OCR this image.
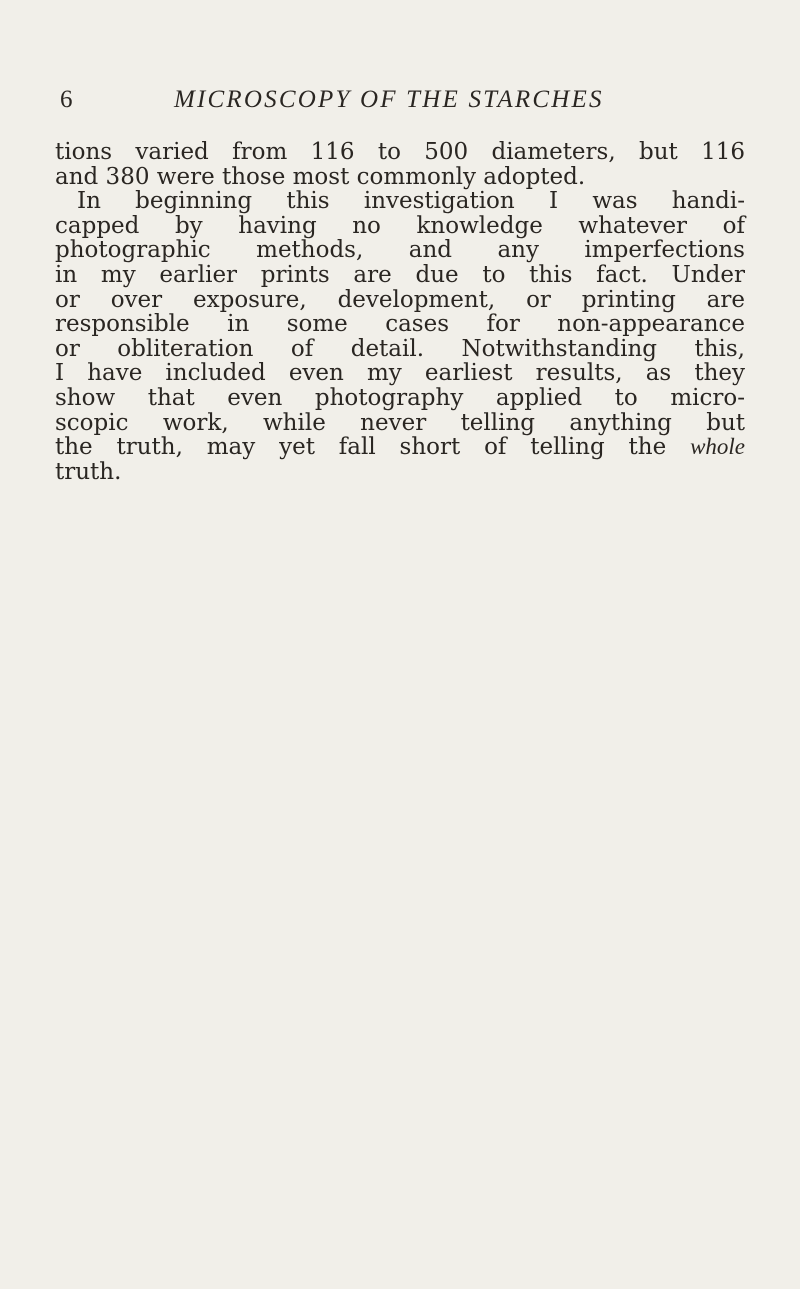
6	MICROSCOPY OF THE STARCHES
tions varied from 116 to 500 diameters, but 116
and 380 were those most commonly adopted.
In beginning this investigation I was handi-
capped by having no knowledge whatever of
photographic methods, and any imperfections
in my earlier prints are due to this fact. Under
or over exposure, development, or printing are
responsible in some cases for non-appearance
or obliteration of detail. Notwithstanding this,
I have included even my earliest results, as they
show that even photography applied to micro-
scopic work, while never telling anything but
the truth, may yet fall short of telling the whole
truth.
